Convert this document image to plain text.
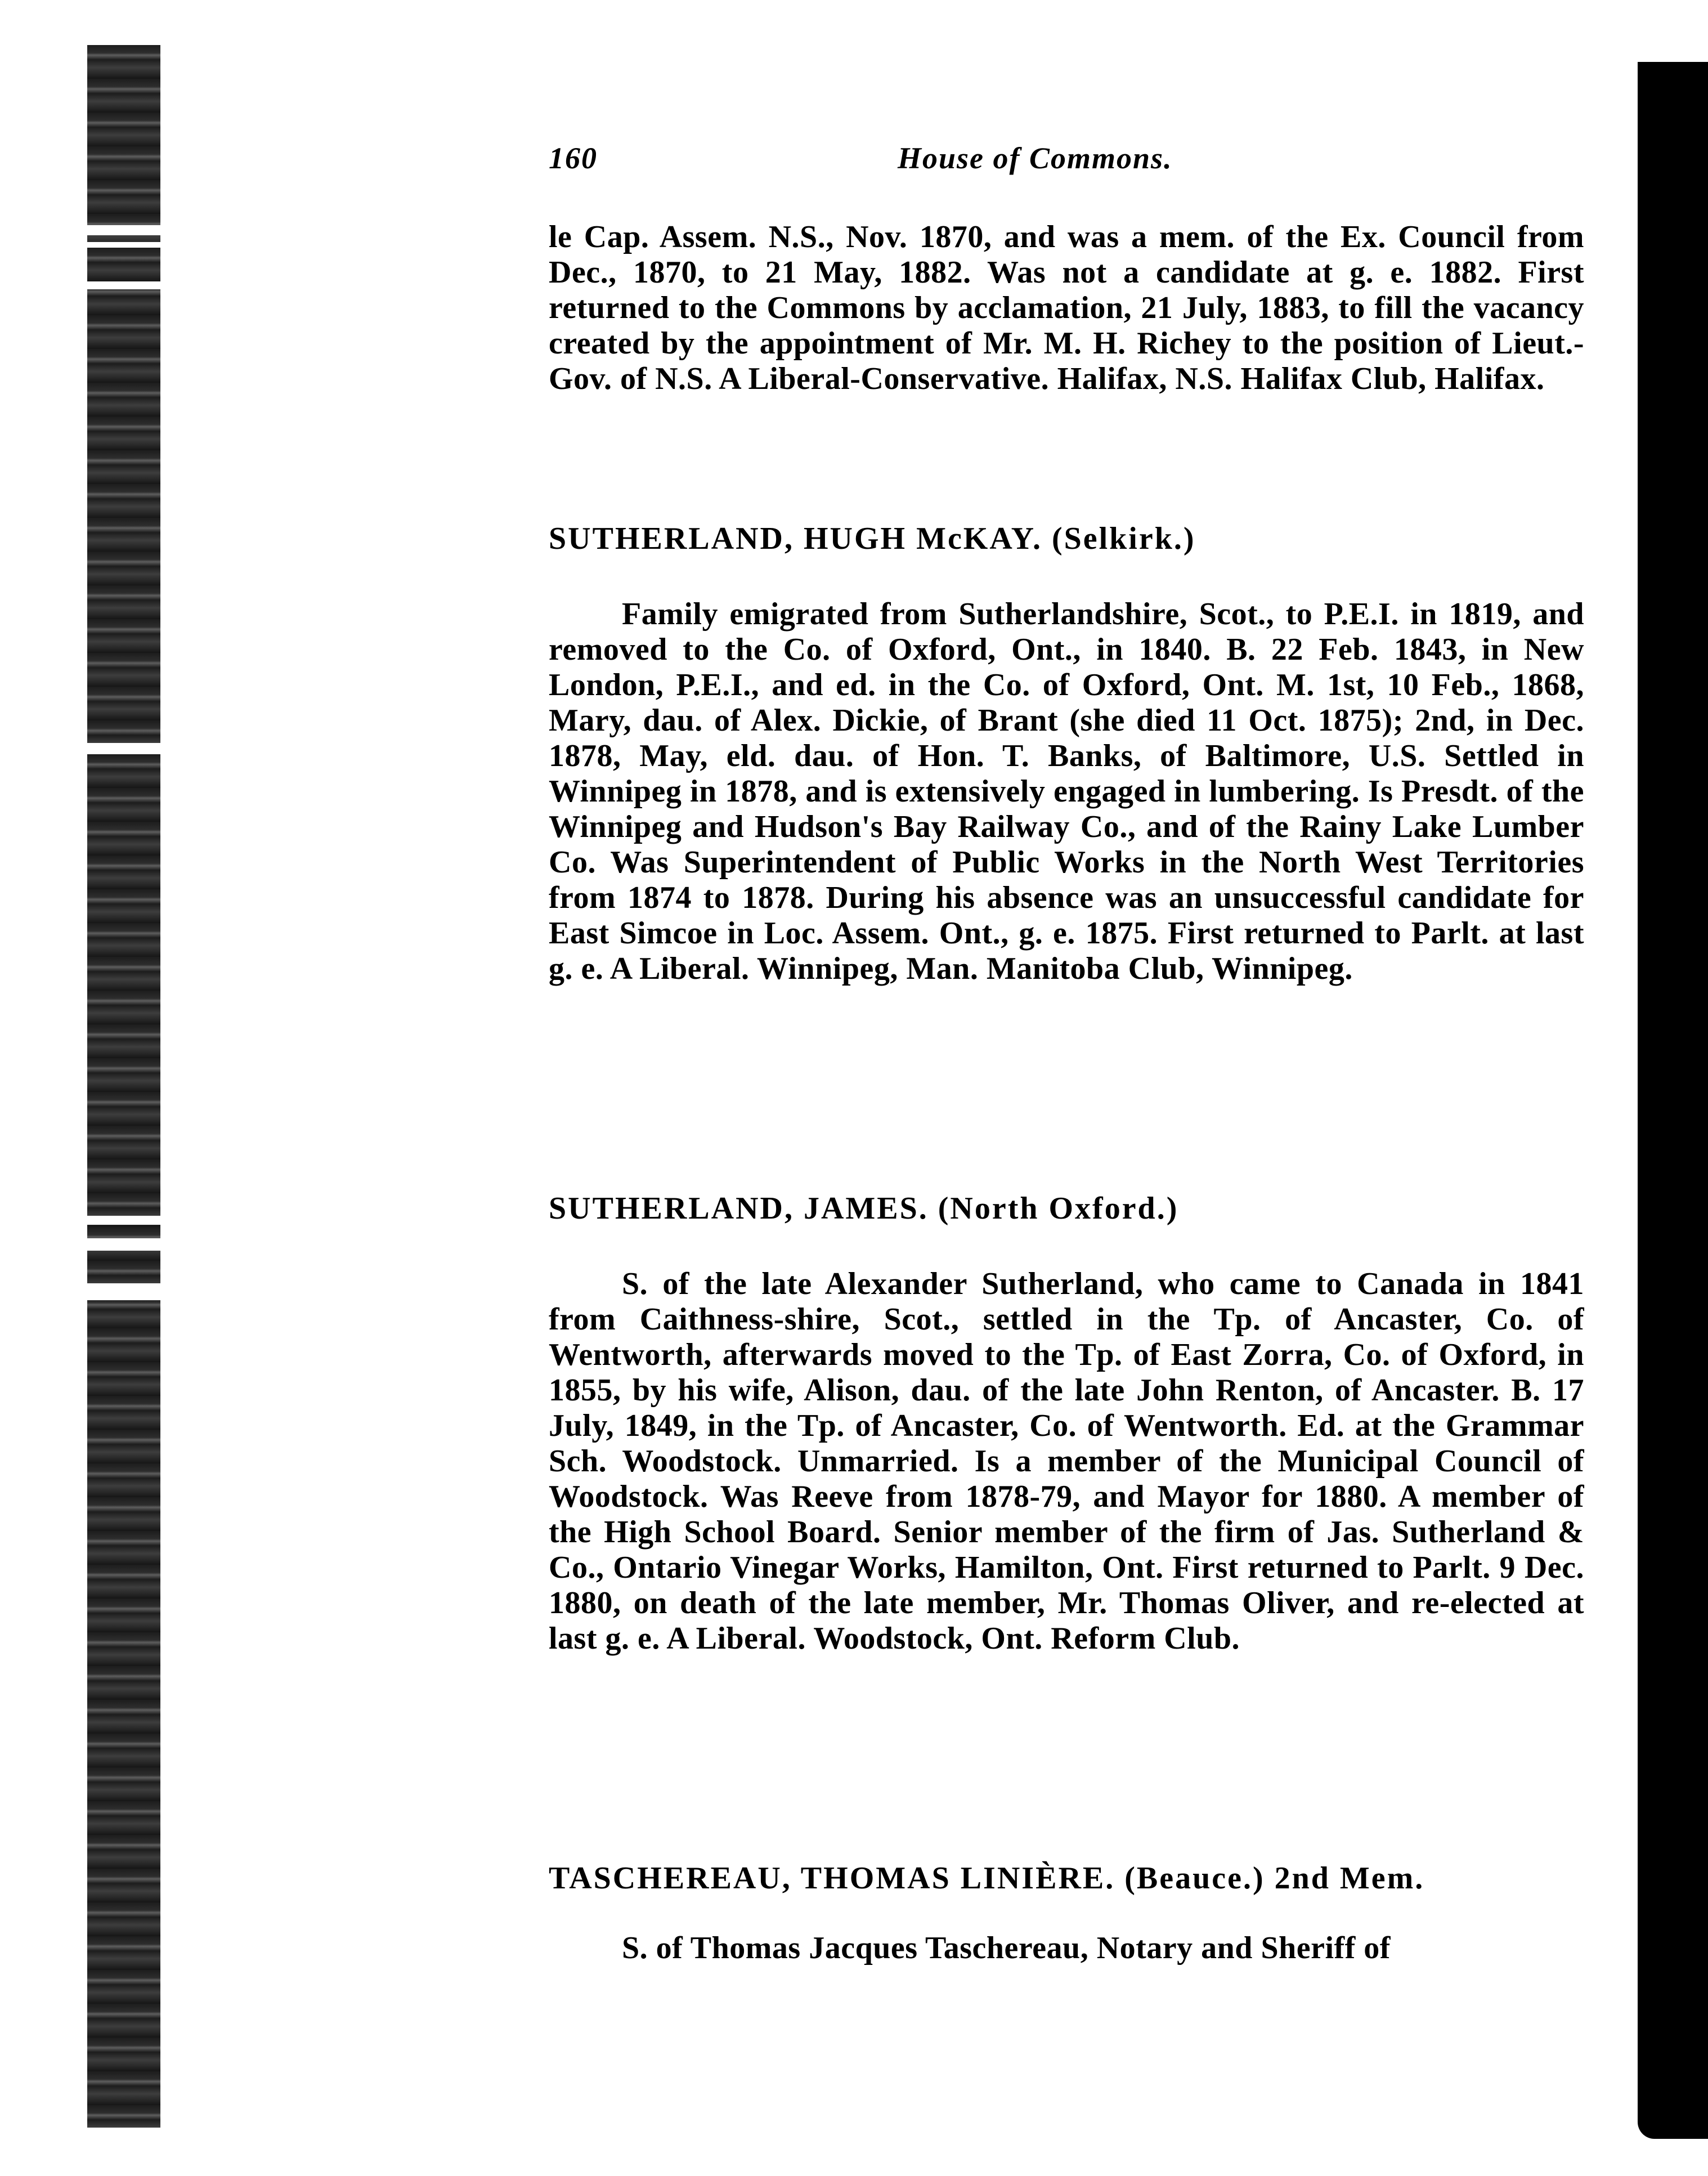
160	House of Commons.
le Cap. Assem. N.S., Nov. 1870, and was a mem. of the Ex. Council from Dec., 1870, to 21 May, 1882. Was not a candidate at g. e. 1882. First returned to the Commons by acclamation, 21 July, 1883, to fill the vacancy created by the appointment of Mr. M. H. Richey to the position of Lieut.-Gov. of N.S. A Liberal-Conservative. Halifax, N.S. Halifax Club, Halifax.
SUTHERLAND, HUGH McKAY. (Selkirk.)
Family emigrated from Sutherlandshire, Scot., to P.E.I. in 1819, and removed to the Co. of Oxford, Ont., in 1840. B. 22 Feb. 1843, in New London, P.E.I., and ed. in the Co. of Oxford, Ont. M. 1st, 10 Feb., 1868, Mary, dau. of Alex. Dickie, of Brant (she died 11 Oct. 1875); 2nd, in Dec. 1878, May, eld. dau. of Hon. T. Banks, of Baltimore, U.S. Settled in Winnipeg in 1878, and is extensively engaged in lumbering. Is Presdt. of the Winnipeg and Hudson's Bay Railway Co., and of the Rainy Lake Lumber Co. Was Superintendent of Public Works in the North West Territories from 1874 to 1878. During his absence was an unsuccessful candidate for East Simcoe in Loc. Assem. Ont., g. e. 1875. First returned to Parlt. at last g. e. A Liberal. Winnipeg, Man. Manitoba Club, Winnipeg.
SUTHERLAND, JAMES. (North Oxford.)
S. of the late Alexander Sutherland, who came to Canada in 1841 from Caithness-shire, Scot., settled in the Tp. of Ancaster, Co. of Wentworth, afterwards moved to the Tp. of East Zorra, Co. of Oxford, in 1855, by his wife, Alison, dau. of the late John Renton, of Ancaster. B. 17 July, 1849, in the Tp. of Ancaster, Co. of Wentworth. Ed. at the Grammar Sch. Woodstock. Unmarried. Is a member of the Municipal Council of Woodstock. Was Reeve from 1878-79, and Mayor for 1880. A member of the High School Board. Senior member of the firm of Jas. Sutherland & Co., Ontario Vinegar Works, Hamilton, Ont. First returned to Parlt. 9 Dec. 1880, on death of the late member, Mr. Thomas Oliver, and re-elected at last g. e. A Liberal. Woodstock, Ont. Reform Club.
TASCHEREAU, THOMAS LINIÈRE. (Beauce.) 2nd Mem.
S. of Thomas Jacques Taschereau, Notary and Sheriff of
